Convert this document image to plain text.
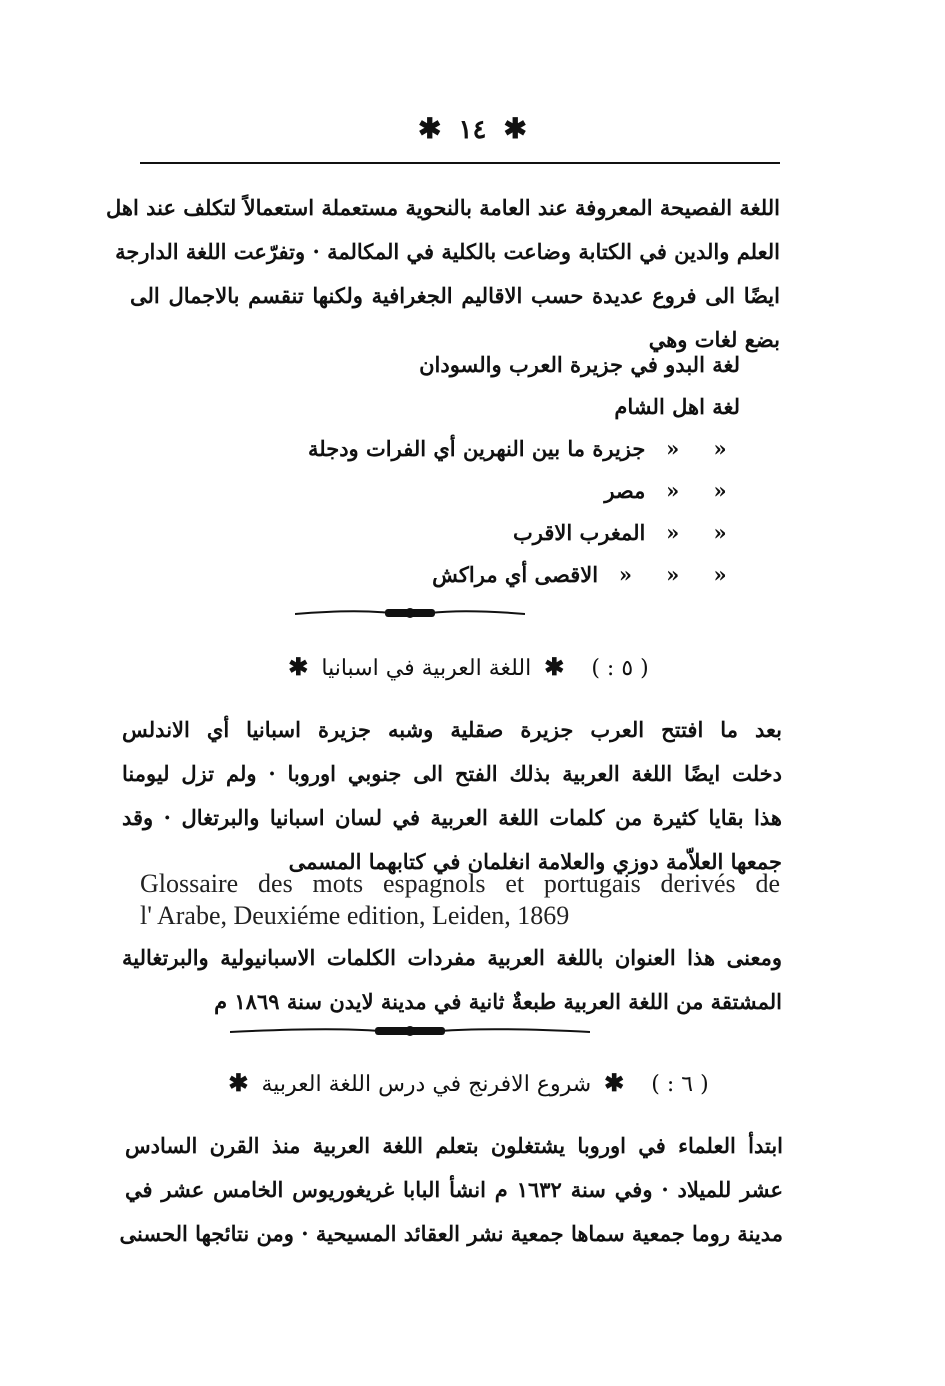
✱ ١٤ ✱
اللغة الفصيحة المعروفة عند العامة بالنحوية مستعملة استعمالاً لتكلف عند اهل
العلم والدين في الكتابة وضاعت بالكلية في المكالمة · وتفرّعت اللغة الدارجة
ايضًا الى فروع عديدة حسب الاقاليم الجغرافية ولكنها تنقسم بالاجمال الى
بضع لغات وهي
لغة البدو في جزيرة العرب والسودان
لغة اهل الشام
« « جزيرة ما بين النهرين أي الفرات ودجلة
« « مصر
« « المغرب الاقرب
« « « الاقصى أي مراكش
( ٥ : ) ✱ اللغة العربية في اسبانيا ✱
بعد ما افتتح العرب جزيرة صقلية وشبه جزيرة اسبانيا أي الاندلس
دخلت ايضًا اللغة العربية بذلك الفتح الى جنوبي اوروبا · ولم تزل ليومنا
هذا بقايا كثيرة من كلمات اللغة العربية في لسان اسبانيا والبرتغال · وقد
جمعها العلاّمة دوزي والعلامة انغلمان في كتابهما المسمى
Glossaire des mots espagnols et portugais derivés de
l' Arabe, Deuxiéme edition, Leiden, 1869
ومعنى هذا العنوان باللغة العربية مفردات الكلمات الاسبانيولية والبرتغالية
المشتقة من اللغة العربية طبعةٌ ثانية في مدينة لايدن سنة ١٨٦٩ م
( ٦ : ) ✱ شروع الافرنج في درس اللغة العربية ✱
ابتدأ العلماء في اوروبا يشتغلون بتعلم اللغة العربية منذ القرن السادس
عشر للميلاد · وفي سنة ١٦٣٢ م انشأ البابا غريغوريوس الخامس عشر في
مدينة روما جمعية سماها جمعية نشر العقائد المسيحية · ومن نتائجها الحسنى
